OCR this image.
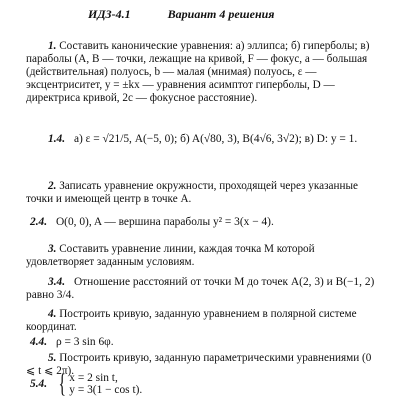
ИДЗ-4.1	Вариант 4 решения
1. Составить канонические уравнения: а) эллипса; б) гиперболы; в) параболы (A, B — точки, лежащие на кривой, F — фокус, a — большая (действительная) полуось, b — малая (мнимая) полуось, ε — эксцентриситет, y = ±kx — уравнения асимптот гиперболы, D — директриса кривой, 2c — фокусное расстояние).
1.4. а) ε = √21/5, A(−5, 0); б) A(√80, 3), B(4√6, 3√2); в) D: y = 1.
2. Записать уравнение окружности, проходящей через указанные точки и имеющей центр в точке A.
2.4. O(0, 0), A — вершина параболы y² = 3(x − 4).
3. Составить уравнение линии, каждая точка M которой удовлетворяет заданным условиям.
3.4. Отношение расстояний от точки M до точек A(2, 3) и B(−1, 2) равно 3/4.
4. Построить кривую, заданную уравнением в полярной системе координат.
4.4. ρ = 3 sin 6φ.
5. Построить кривую, заданную параметрическими уравнениями (0 ⩽ t ⩽ 2π).
5.4. { x = 2 sin t,
y = 3(1 − cos t).
